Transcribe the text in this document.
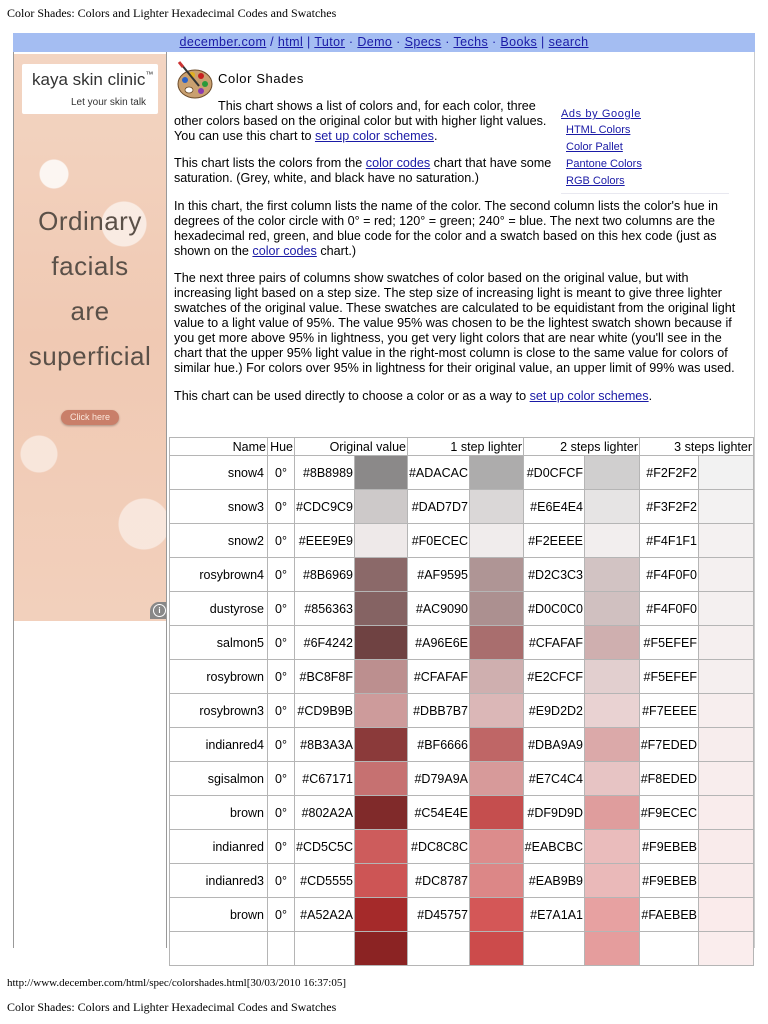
Color Shades: Colors and Lighter Hexadecimal Codes and Swatches
december.com / html | Tutor · Demo · Specs · Techs · Books | search
kaya skin clinic™
Let your skin talk
Ordinary
facials
are
superficial
Click here
i
Color Shades
This chart shows a list of colors and, for each color, three other colors based on the original color but with higher light values. You can use this chart to set up color schemes.
This chart lists the colors from the color codes chart that have some saturation. (Grey, white, and black have no saturation.)
Ads by Google
HTML Colors
Color Pallet
Pantone Colors
RGB Colors
In this chart, the first column lists the name of the color. The second column lists the color's hue in degrees of the color circle with 0° = red; 120° = green; 240° = blue. The next two columns are the hexadecimal red, green, and blue code for the color and a swatch based on this hex code (just as shown on the color codes chart.)
The next three pairs of columns show swatches of color based on the original value, but with increasing light based on a step size. The step size of increasing light is meant to give three lighter swatches of the original value. These swatches are calculated to be equidistant from the original light value to a light value of 95%. The value 95% was chosen to be the lightest swatch shown because if you get more above 95% in lightness, you get very light colors that are near white (you'll see in the chart that the upper 95% light value in the right-most column is close to the same value for colors of similar hue.) For colors over 95% in lightness for their original value, an upper limit of 99% was used.
This chart can be used directly to choose a color or as a way to set up color schemes.
Name	Hue	Original value		1 step lighter		2 steps lighter		3 steps lighter	
snow4	0°	#8B8989		#ADACAC		#D0CFCF		#F2F2F2	

snow3	0°	#CDC9C9		#DAD7D7		#E6E4E4		#F3F2F2	

snow2	0°	#EEE9E9		#F0ECEC		#F2EEEE		#F4F1F1	

rosybrown4	0°	#8B6969		#AF9595		#D2C3C3		#F4F0F0	

dustyrose	0°	#856363		#AC9090		#D0C0C0		#F4F0F0	

salmon5	0°	#6F4242		#A96E6E		#CFAFAF		#F5EFEF	

rosybrown	0°	#BC8F8F		#CFAFAF		#E2CFCF		#F5EFEF	

rosybrown3	0°	#CD9B9B		#DBB7B7		#E9D2D2		#F7EEEE	

indianred4	0°	#8B3A3A		#BF6666		#DBA9A9		#F7EDED	

sgisalmon	0°	#C67171		#D79A9A		#E7C4C4		#F8EDED	

brown	0°	#802A2A		#C54E4E		#DF9D9D		#F9ECEC	

indianred	0°	#CD5C5C		#DC8C8C		#EABCBC		#F9EBEB	

indianred3	0°	#CD5555		#DC8787		#EAB9B9		#F9EBEB	

brown	0°	#A52A2A		#D45757		#E7A1A1		#FAEBEB	

http://www.december.com/html/spec/colorshades.html[30/03/2010 16:37:05]
Color Shades: Colors and Lighter Hexadecimal Codes and Swatches
